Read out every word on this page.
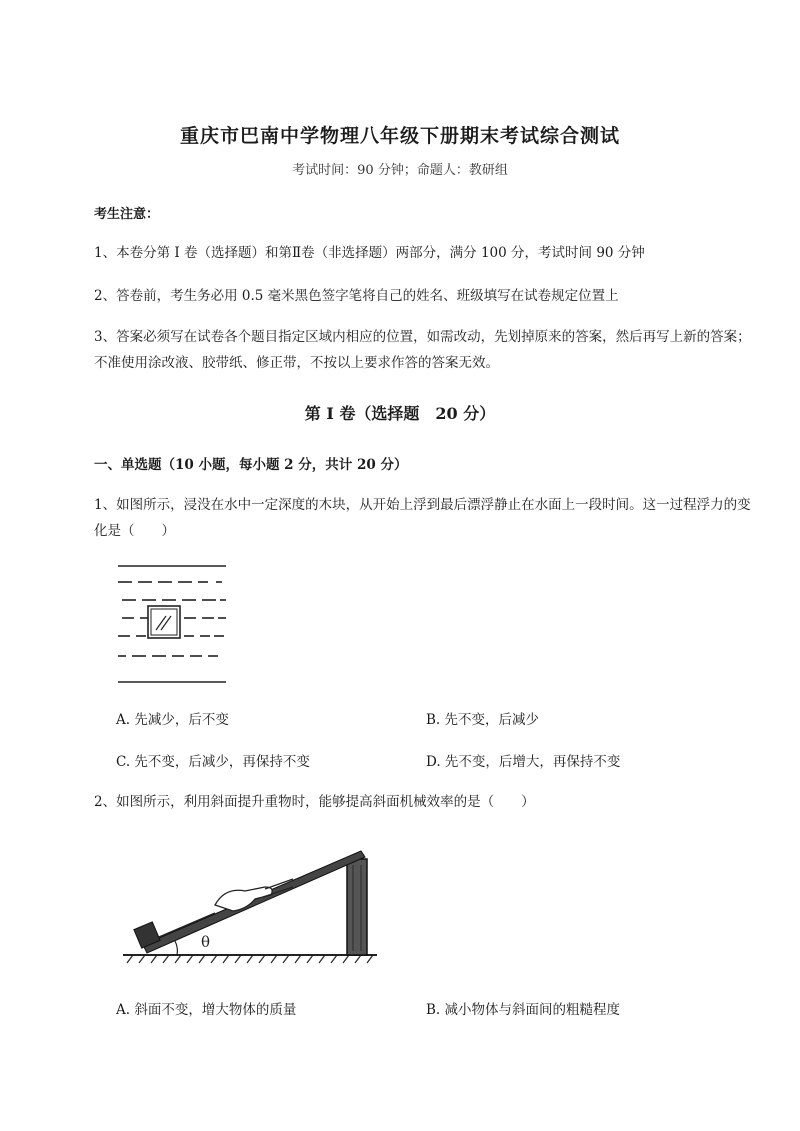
重庆市巴南中学物理八年级下册期末考试综合测试
考试时间：90 分钟；命题人：教研组
考生注意：
1、本卷分第 I 卷（选择题）和第Ⅱ卷（非选择题）两部分，满分 100 分，考试时间 90 分钟
2、答卷前，考生务必用 0.5 毫米黑色签字笔将自己的姓名、班级填写在试卷规定位置上
3、答案必须写在试卷各个题目指定区域内相应的位置，如需改动，先划掉原来的答案，然后再写上新的答案；不准使用涂改液、胶带纸、修正带，不按以上要求作答的答案无效。
第 I 卷（选择题　20 分）
一、单选题（10 小题，每小题 2 分，共计 20 分）
1、如图所示，浸没在水中一定深度的木块，从开始上浮到最后漂浮静止在水面上一段时间。这一过程浮力的变化是（　　）
A. 先减少，后不变	B. 先不变，后减少
C. 先不变，后减少，再保持不变	D. 先不变，后增大，再保持不变
2、如图所示，利用斜面提升重物时，能够提高斜面机械效率的是（　　）
θ
A. 斜面不变，增大物体的质量	B. 减小物体与斜面间的粗糙程度
